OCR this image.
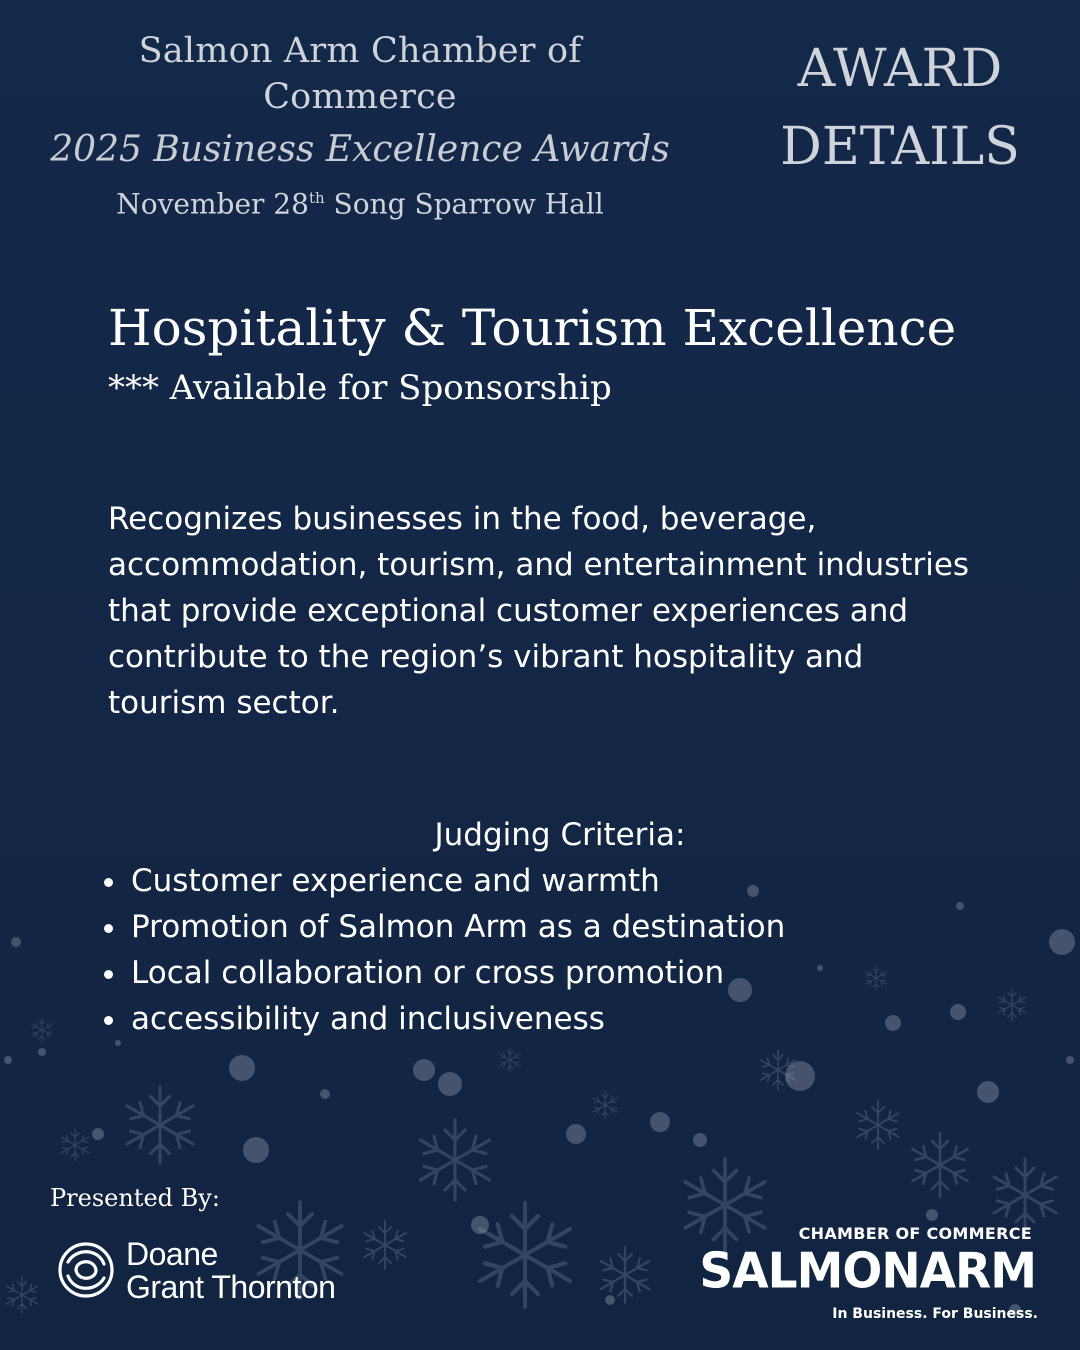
Salmon Arm Chamber of Commerce
2025 Business Excellence Awards
November 28th Song Sparrow Hall
AWARD
DETAILS
Hospitality & Tourism Excellence
*** Available for Sponsorship
Recognizes businesses in the food, beverage, accommodation, tourism, and entertainment industries that provide exceptional customer experiences and contribute to the region’s vibrant hospitality and tourism sector.
Judging Criteria:
Customer experience and warmth
Promotion of Salmon Arm as a destination
Local collaboration or cross promotion
accessibility and inclusiveness
Presented By:
Doane
Grant Thornton
CHAMBER OF COMMERCE
SALMONARM
In Business. For Business.
